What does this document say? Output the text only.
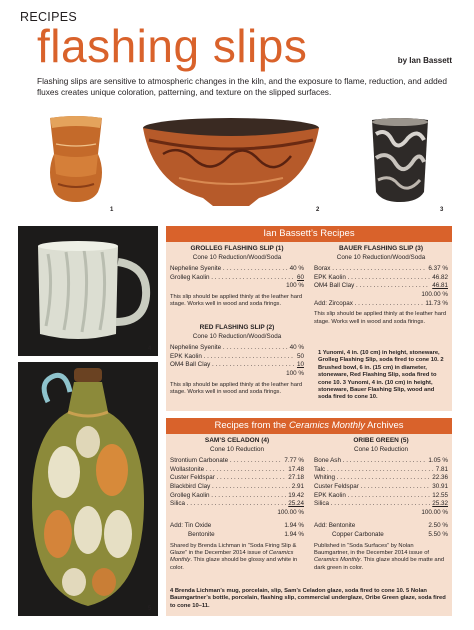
RECIPES
flashing slips	by Ian Bassett
Flashing slips are sensitive to atmospheric changes in the kiln, and the exposure to flame, reduction, and added fluxes creates unique coloration, patterning, and texture on the slipped surfaces.
1	2	3
4
5
Ian Bassett’s Recipes
GROLLEG FLASHING SLIP (1)
Cone 10 Reduction/Wood/Soda
Nepheline Syenite . . .	40 %
Grolleg Kaolin . . .	60
100 %
This slip should be applied thinly at the leather hard stage. Works well in wood and soda firings.
RED FLASHING SLIP (2)
Cone 10 Reduction/Wood/Soda
Nepheline Syenite . . .	40 %
EPK Kaolin . . .	50
OM4 Ball Clay . . .	10
100 %
This slip should be applied thinly at the leather hard stage. Works well in wood and soda firings.
BAUER FLASHING SLIP (3)
Cone 10 Reduction/Wood/Soda
Borax . . .	6.37 %
EPK Kaolin . . .	46.82
OM4 Ball Clay . . .	46.81
100.00 %
Add: Zircopax . . .	11.73 %
This slip should be applied thinly at the leather hard stage. Works well in wood and soda firings.
1 Yunomi, 4 in. (10 cm) in height, stoneware, Grolleg Flashing Slip, soda fired to cone 10. 2 Brushed bowl, 6 in. (15 cm) in diameter, stoneware, Red Flashing Slip, soda fired to cone 10. 3 Yunomi, 4 in. (10 cm) in height, stoneware, Bauer Flashing Slip, wood and soda fired to cone 10.
Recipes from the Ceramics Monthly Archives
SAM’S CELADON (4)
Cone 10 Reduction
Strontium Carbonate . . .	7.77 %
Wollastonite . . .	17.48
Custer Feldspar . . .	27.18
Blackbird Clay . . .	2.91
Grolleg Kaolin . . .	19.42
Silica . . .	25.24
100.00 %
Add: Tin Oxide	1.94 %
Bentonite	1.94 %
Shared by Brenda Lichman in “Soda Firing Slip & Glaze” in the December 2014 issue of Ceramics Monthly. This glaze should be glossy and white in color.
ORIBE GREEN (5)
Cone 10 Reduction
Bone Ash . . .	1.05 %
Talc . . .	7.81
Whiting . . .	22.36
Custer Feldspar . . .	30.91
EPK Kaolin . . .	12.55
Silica . . .	25.32
100.00 %
Add: Bentonite	2.50 %
Copper Carbonate	5.50 %
Published in “Soda Surfaces” by Nolan Baumgartner, in the December 2014 issue of Ceramics Monthly. This glaze should be matte and dark green in color.
4 Brenda Lichman’s mug, porcelain, slip, Sam’s Celadon glaze, soda fired to cone 10. 5 Nolan Baumgartner’s bottle, porcelain, flashing slip, commercial underglaze, Oribe Green glaze, soda fired to cone 10–11.
